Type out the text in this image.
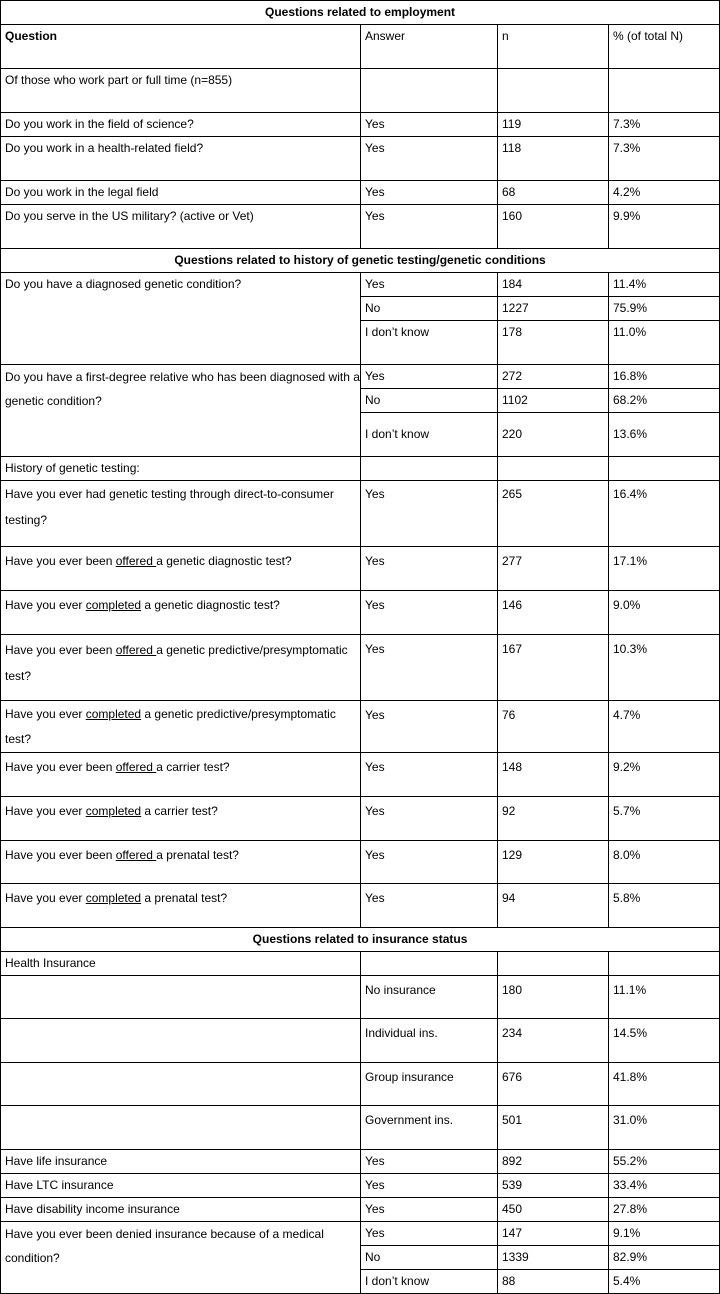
Questions related to employment			
Question	Answer	n	% (of total N)
Of those who work part or full time (n=855)			
Do you work in the field of science?	Yes	119	7.3%
Do you work in a health-related field?	Yes	118	7.3%
Do you work in the legal field	Yes	68	4.2%
Do you serve in the US military? (active or Vet)	Yes	160	9.9%
Questions related to history of genetic testing/genetic conditions			
Do you have a diagnosed genetic condition?	Yes	184	11.4%
	No	1227	75.9%
	I don’t know	178	11.0%
Do you have a first-degree relative who has been diagnosed with a genetic condition?	Yes	272	16.8%
	No	1102	68.2%
	I don’t know	220	13.6%
History of genetic testing:			
Have you ever had genetic testing through direct-to-consumer testing?	Yes	265	16.4%
Have you ever been offered a genetic diagnostic test?	Yes	277	17.1%
Have you ever completed a genetic diagnostic test?	Yes	146	9.0%
Have you ever been offered a genetic predictive/presymptomatic test?	Yes	167	10.3%
Have you ever completed a genetic predictive/presymptomatic test?	Yes	76	4.7%
Have you ever been offered a carrier test?	Yes	148	9.2%
Have you ever completed a carrier test?	Yes	92	5.7%
Have you ever been offered a prenatal test?	Yes	129	8.0%
Have you ever completed a prenatal test?	Yes	94	5.8%
Questions related to insurance status			
Health Insurance			
	No insurance	180	11.1%
	Individual ins.	234	14.5%
	Group insurance	676	41.8%
	Government ins.	501	31.0%
Have life insurance	Yes	892	55.2%
Have LTC insurance	Yes	539	33.4%
Have disability income insurance	Yes	450	27.8%
Have you ever been denied insurance because of a medical condition?	Yes	147	9.1%
	No	1339	82.9%
	I don’t know	88	5.4%
